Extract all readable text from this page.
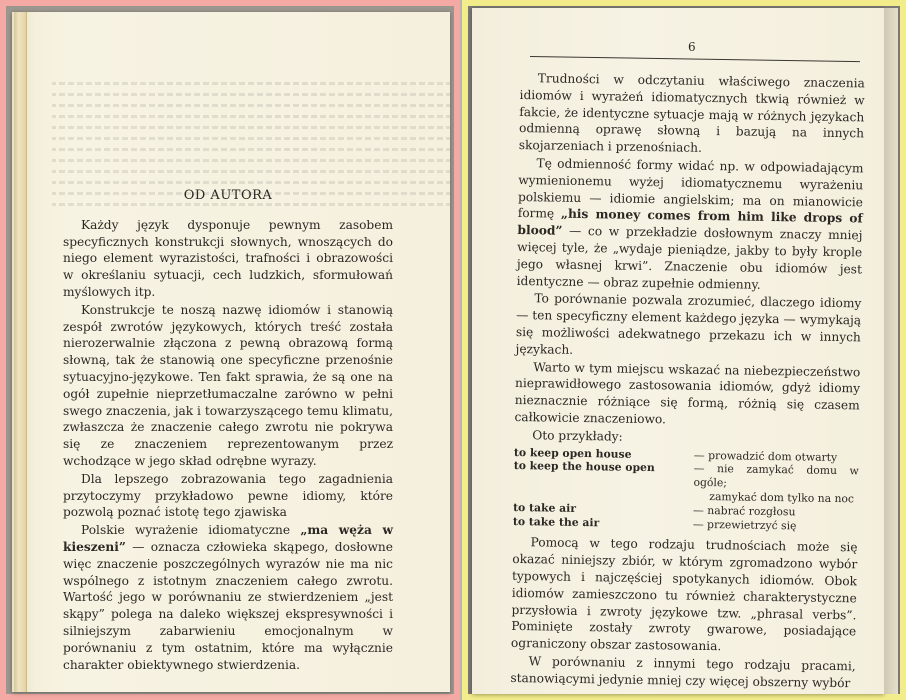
OD AUTORA

Każdy język dysponuje pewnym zasobem specyficznych konstrukcji słownych, wnoszących do niego element wyrazistości, trafności i obrazowości w określaniu sytuacji, cech ludzkich, sformułowań myślowych itp.

Konstrukcje te noszą nazwę idiomów i stanowią zespół zwrotów językowych, których treść została nierozerwalnie złączona z pewną obrazową formą słowną, tak że stanowią one specyficzne przenośnie sytuacyjno-językowe. Ten fakt sprawia, że są one na ogół zupełnie nieprzetłumaczalne zarówno w pełni swego znaczenia, jak i towarzyszącego temu klimatu, zwłaszcza że znaczenie całego zwrotu nie pokrywa się ze znaczeniem reprezentowanym przez wchodzące w jego skład odrębne wyrazy.

Dla lepszego zobrazowania tego zagadnienia przytoczymy przykładowo pewne idiomy, które pozwolą poznać istotę tego zjawiska

Polskie wyrażenie idiomatyczne „ma węża w kieszeni” — oznacza człowieka skąpego, dosłowne więc znaczenie poszczególnych wyrazów nie ma nic wspólnego z istotnym znaczeniem całego zwrotu. Wartość jego w porównaniu ze stwierdzeniem „jest skąpy” polega na daleko większej ekspresywności i silniejszym zabarwieniu emocjonalnym w porównaniu z tym ostatnim, które ma wyłącznie charakter obiektywnego stwierdzenia.

6

Trudności w odczytaniu właściwego znaczenia idiomów i wyrażeń idiomatycznych tkwią również w fakcie, że identyczne sytuacje mają w różnych językach odmienną oprawę słowną i bazują na innych skojarzeniach i przenośniach.

Tę odmienność formy widać np. w odpowiadającym wymienionemu wyżej idiomatycznemu wyrażeniu polskiemu — idiomie angielskim; ma on mianowicie formę „his money comes from him like drops of blood” — co w przekładzie dosłownym znaczy mniej więcej tyle, że „wydaje pieniądze, jakby to były krople jego własnej krwi”. Znaczenie obu idiomów jest identyczne — obraz zupełnie odmienny.

To porównanie pozwala zrozumieć, dlaczego idiomy — ten specyficzny element każdego języka — wymykają się możliwości adekwatnego przekazu ich w innych językach.

Warto w tym miejscu wskazać na niebezpieczeństwo nieprawidłowego zastosowania idiomów, gdyż idiomy nieznacznie różniące się formą, różnią się czasem całkowicie znaczeniowo.

Oto przykłady:

to keep open house	— prowadzić dom otwarty
to keep the house open	— nie zamykać domu w ogóle;
zamykać dom tylko na noc
to take air	— nabrać rozgłosu
to take the air	— przewietrzyć się

Pomocą w tego rodzaju trudnościach może się okazać niniejszy zbiór, w którym zgromadzono wybór typowych i najczęściej spotykanych idiomów. Obok idiomów zamieszczono tu również charakterystyczne przysłowia i zwroty językowe tzw. „phrasal verbs”. Pominięte zostały zwroty gwarowe, posiadające ograniczony obszar zastosowania.

W porównaniu z innymi tego rodzaju pracami, stanowiącymi jedynie mniej czy więcej obszerny wybór
